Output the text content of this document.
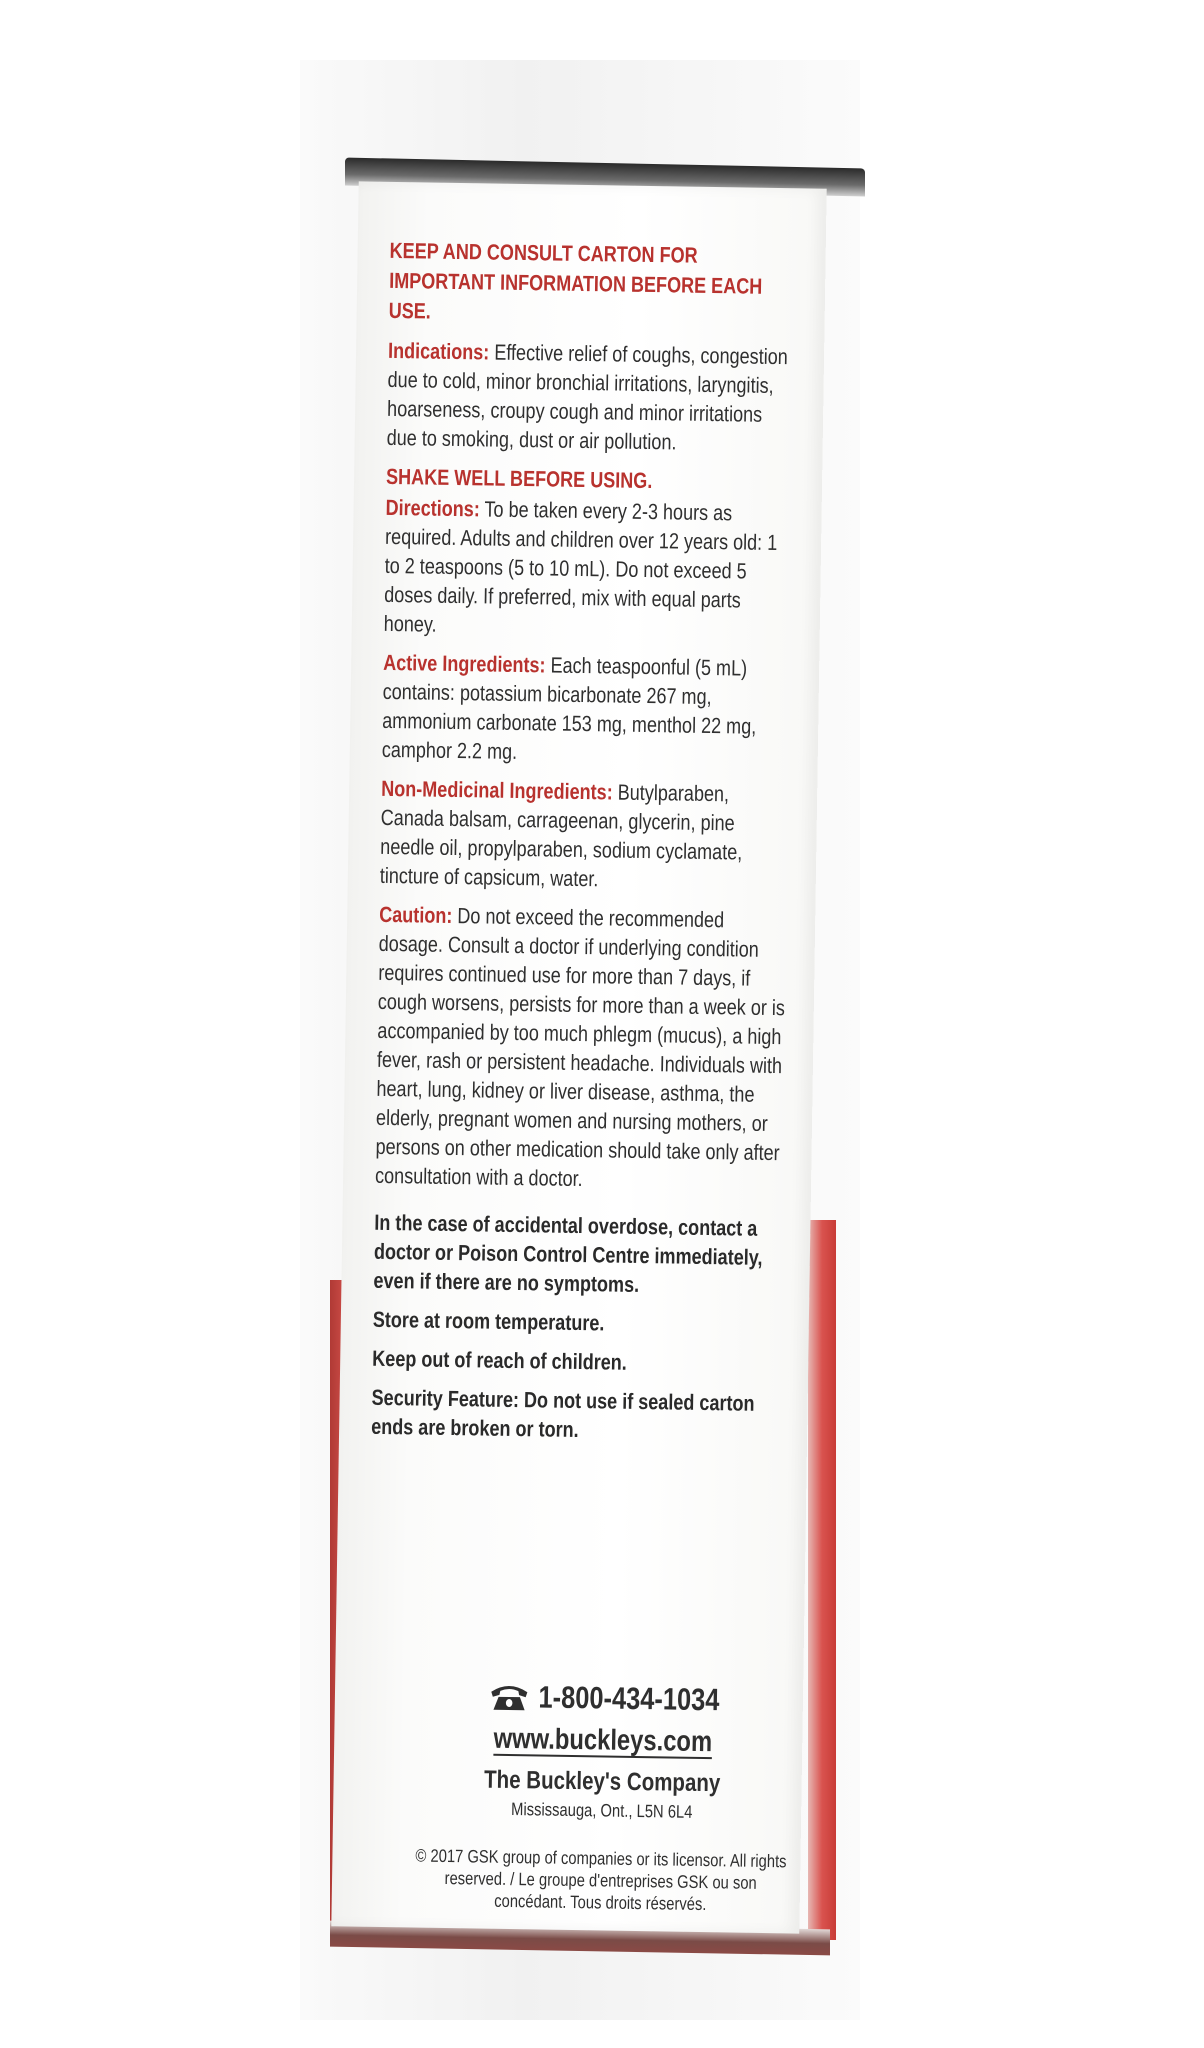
KEEP AND CONSULT CARTON FOR IMPORTANT INFORMATION BEFORE EACH USE.

Indications: Effective relief of coughs, congestion due to cold, minor bronchial irritations, laryngitis, hoarseness, croupy cough and minor irritations due to smoking, dust or air pollution.

SHAKE WELL BEFORE USING.

Directions: To be taken every 2-3 hours as required. Adults and children over 12 years old: 1 to 2 teaspoons (5 to 10 mL). Do not exceed 5 doses daily. If preferred, mix with equal parts honey.

Active Ingredients: Each teaspoonful (5 mL) contains: potassium bicarbonate 267 mg, ammonium carbonate 153 mg, menthol 22 mg, camphor 2.2 mg.

Non-Medicinal Ingredients: Butylparaben, Canada balsam, carrageenan, glycerin, pine needle oil, propylparaben, sodium cyclamate, tincture of capsicum, water.

Caution: Do not exceed the recommended dosage. Consult a doctor if underlying condition requires continued use for more than 7 days, if cough worsens, persists for more than a week or is accompanied by too much phlegm (mucus), a high fever, rash or persistent headache. Individuals with heart, lung, kidney or liver disease, asthma, the elderly, pregnant women and nursing mothers, or persons on other medication should take only after consultation with a doctor.

In the case of accidental overdose, contact a doctor or Poison Control Centre immediately, even if there are no symptoms.

Store at room temperature.

Keep out of reach of children.

Security Feature: Do not use if sealed carton ends are broken or torn.

1-800-434-1034
www.buckleys.com
The Buckley's Company
Mississauga, Ont., L5N 6L4
© 2017 GSK group of companies or its licensor. All rights reserved. / Le groupe d'entreprises GSK ou son concédant. Tous droits réservés.
